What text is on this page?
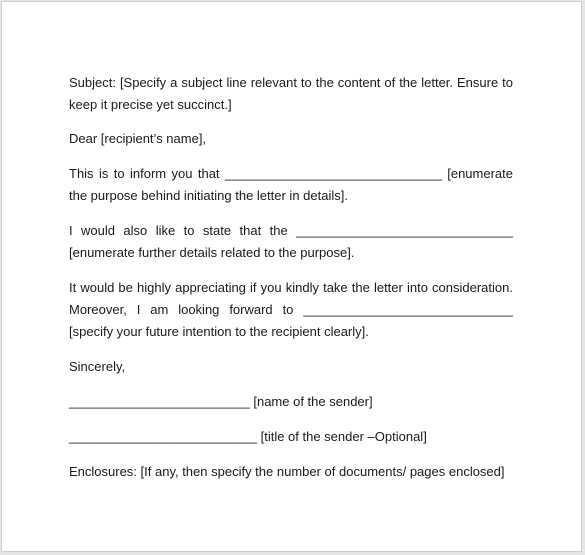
Subject: [Specify a subject line relevant to the content of the letter. Ensure to keep it precise yet succinct.]

Dear [recipient’s name],

This is to inform you that ______________________________ [enumerate the purpose behind initiating the letter in details].

I would also like to state that the ______________________________ [enumerate further details related to the purpose].

It would be highly appreciating if you kindly take the letter into consideration. Moreover, I am looking forward to _____________________________ [specify your future intention to the recipient clearly].

Sincerely,

_________________________ [name of the sender]

__________________________ [title of the sender –Optional]

Enclosures: [If any, then specify the number of documents/ pages enclosed]
